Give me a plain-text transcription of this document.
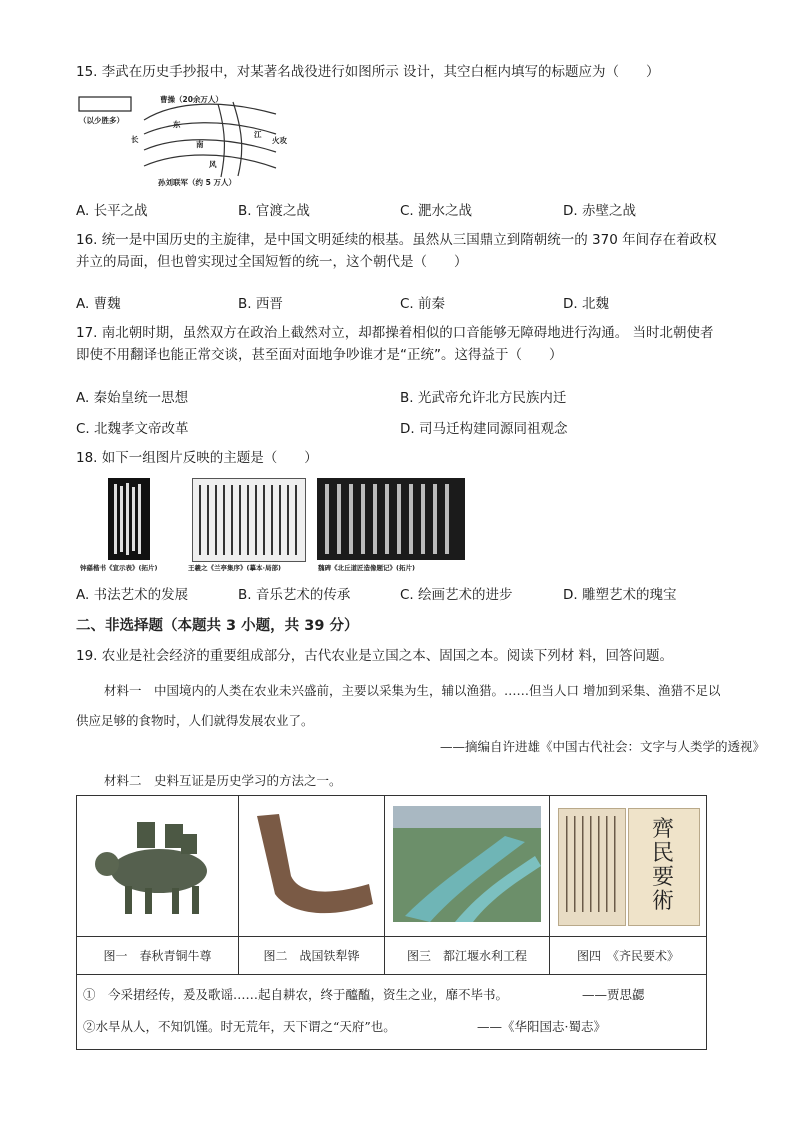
15. 李武在历史手抄报中，对某著名战役进行如图所示 设计，其空白框内填写的标题应为（　　）
（以少胜多）
曹操（20余万人）
东
南
风
长
江
火攻
孙刘联军（约 5 万人）
A. 长平之战	B. 官渡之战	C. 淝水之战	D. 赤壁之战
16. 统一是中国历史的主旋律，是中国文明延续的根基。虽然从三国鼎立到隋朝统一的 370 年间存在着政权并立的局面，但也曾实现过全国短暂的统一，这个朝代是（　　）
A. 曹魏	B. 西晋	C. 前秦	D. 北魏
17. 南北朝时期，虽然双方在政治上截然对立，却都操着相似的口音能够无障碍地进行沟通。 当时北朝使者即使不用翻译也能正常交谈，甚至面对面地争吵谁才是“正统”。这得益于（　　）
A. 秦始皇统一思想	B. 光武帝允许北方民族内迁
C. 北魏孝文帝改革	D. 司马迁构建同源同祖观念
18. 如下一组图片反映的主题是（　　）
钟繇楷书《宣示表》(拓片)	王羲之《兰亭集序》(摹本·局部)	魏碑《北丘道匠造像题记》(拓片)
A. 书法艺术的发展	B. 音乐艺术的传承	C. 绘画艺术的进步	D. 雕塑艺术的瑰宝
二、非选择题（本题共 3 小题，共 39 分）
19. 农业是社会经济的重要组成部分，古代农业是立国之本、固国之本。阅读下列材 料，回答问题。
材料一　中国境内的人类在农业未兴盛前，主要以采集为生，辅以渔猎。……但当人口 增加到采集、渔猎不足以供应足够的食物时，人们就得发展农业了。
——摘编自许进雄《中国古代社会：文字与人类学的透视》
材料二　史料互证是历史学习的方法之一。

齊民要術

图一　春秋青铜牛尊	图二　战国铁犁铧	图三　都江堰水利工程	图四　《齐民要术》

①　今采捃经传，爰及歌谣……起自耕农，终于醯醢，资生之业，靡不毕书。 ——贾思勰
②水旱从人，不知饥馑。时无荒年，天下谓之“天府”也。 ——《华阳国志·蜀志》			
